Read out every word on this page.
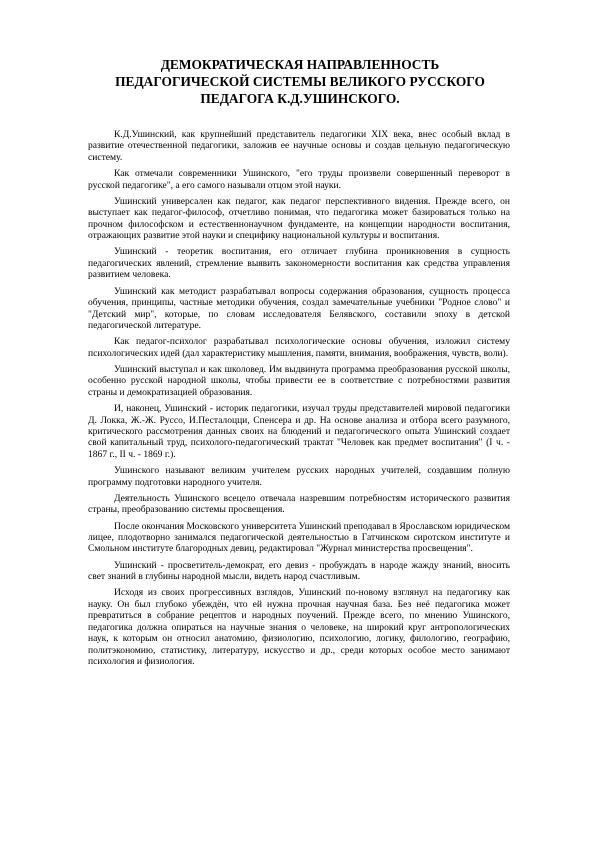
ДЕМОКРАТИЧЕСКАЯ НАПРАВЛЕННОСТЬ
ПЕДАГОГИЧЕСКОЙ СИСТЕМЫ ВЕЛИКОГО РУССКОГО
ПЕДАГОГА К.Д.УШИНСКОГО.

К.Д.Ушинский, как крупнейший представитель педагогики XIX века, внес особый вклад в развитие отечественной педагогики, заложив ее научные основы и создав цельную педагогическую систему.

Как отмечали современники Ушинского, "его труды произвели совершенный переворот в русской педагогике", а его самого называли отцом этой науки.

Ушинский универсален как педагог, как педагог перспективного видения. Прежде всего, он выступает как педагог-философ, отчетливо понимая, что педагогика может базироваться только на прочном философском и естественнонаучном фундаменте, на концепции народности воспитания, отражающих развитие этой науки и специфику национальной культуры и воспитания.

Ушинский - теоретик воспитания, его отличает глубина проникновения в сущность педагогических явлений, стремление выявить закономерности воспитания как средства управления развитием человека.

Ушинский как методист разрабатывал вопросы содержания образования, сущность процесса обучения, принципы, частные методики обучения, создал замечательные учебники "Родное слово" и "Детский мир", которые, по словам исследователя Белявского, составили эпоху в детской педагогической литературе.

Как педагог-психолог разрабатывал психологические основы обучения, изложил систему психологических идей (дал характеристику мышления, памяти, внимания, воображения, чувств, воли).

Ушинский выступал и как школовед. Им выдвинута программа преобразования русской школы, особенно русской народной школы, чтобы привести ее в соответствие с потребностями развития страны и демократизацией образования.

И, наконец, Ушинский - историк педагогики, изучал труды представителей мировой педагогики Д. Локка, Ж.-Ж. Руссо, И.Песталоцци, Спенсера и др. На основе анализа и отбора всего разумного, критического рассмотрения данных своих на блюдений и педагогического опыта Ушинский создает свой капитальный труд, психолого-педагогический трактат "Человек как предмет воспитания" (I ч. - 1867 г., II ч. - 1869 г.).

Ушинского называют великим учителем русских народных учителей, создавшим полную программу подготовки народного учителя.

Деятельность Ушинского всецело отвечала назревшим потребностям исторического развития страны, преобразованию системы просвещения.

После окончания Московского университета Ушинский преподавал в Ярославском юридическом лицее, плодотворно занимался педагогической деятельностью в Гатчинском сиротском институте и Смольном институте благородных девиц, редактировал "Журнал министерства просвещения".

Ушинский - просветитель-демократ, его девиз - пробуждать в народе жажду знаний, вносить свет знаний в глубины народной мысли, видеть народ счастливым.

Исходя из своих прогрессивных взглядов, Ушинский по-новому взглянул на педагогику как науку. Он был глубоко убеждён, что ей нужна прочная научная база. Без неё педагогика может превратиться в собрание рецептов и народных поучений. Прежде всего, по мнению Ушинского, педагогика должна опираться на научные знания о человеке, на широкий круг антропологических наук, к которым он относил анатомию, физиологию, психологию, логику, филологию, географию, политэкономию, статистику, литературу, искусство и др., среди которых особое место занимают психология и физиология.
